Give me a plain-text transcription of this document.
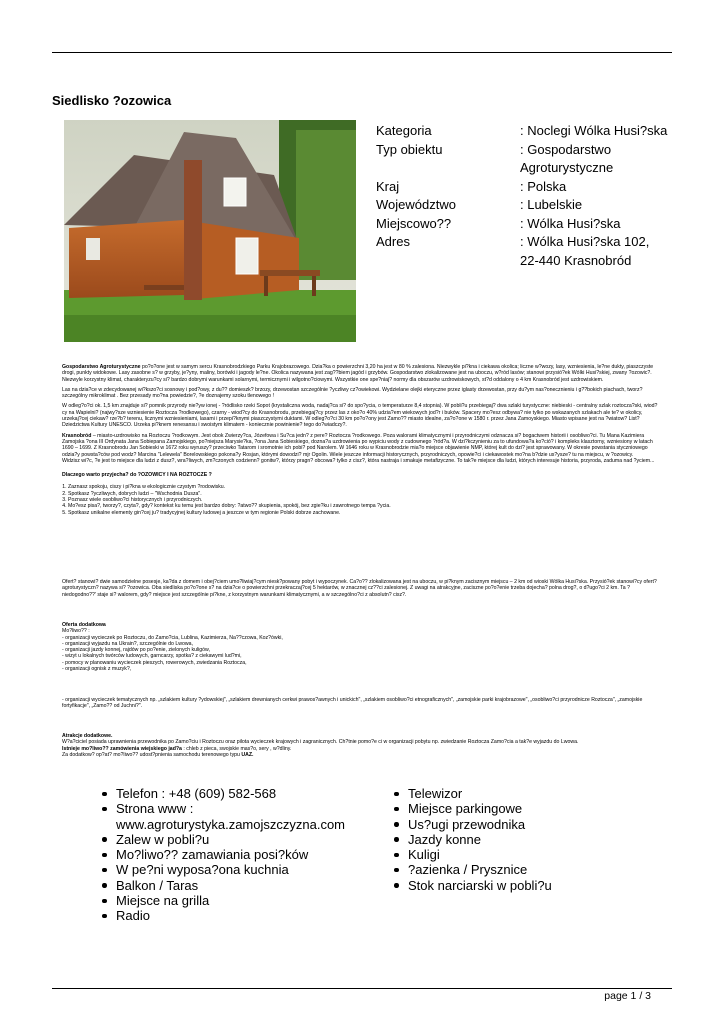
Siedlisko ?ozowica
Kategoria	: Noclegi Wólka Husi?ska
Typ obiektu	: Gospodarstwo Agroturystyczne
Kraj	: Polska
Województwo	: Lubelskie
Miejscowo??	: Wólka Husi?ska
Adres	: Wólka Husi?ska 102, 22-440 Krasnobród

Gospodarstwo Agroturystyczne po?o?one jest w samym sercu Krasnobrodzkiego Parku Krajobrazowego. Dzia?ka o powierzchni 3,20 ha jest w 80 % zalesiona. Niezwykle pi?kna i ciekawa okolica; liczne w?wozy, lasy, wzniesienia, le?ne dukty, piaszczyste drogi, punkty widokowe. Lasy zasobne s? w grzyby, je?yny, maliny, borówki i jagody le?ne. Okolica nazywana jest zag??biem jagód i grzybów. Gospodarstwo zlokalizowane jest na uboczu, w?ród lasów; stanowi przysió?ek Wólki Husi?skiej, zwany ?ozowic?. Niezwyle korzystny klimat, charakteryzu?cy si? bardzo dobrymi warunkami solarnymi, termicznymi i wilgotno?ciowymi. Wszystkie one spe?niaj? normy dla obszarów uzdrowiskowych, st?d oddalony o 4 km Krasnobród jest uzdrowiskiem.

Las na dzia?ce w zdecydowanej wi?kszo?ci sosnowy i pod?owy, z du?? domieszk? brzozy, drzewostan szczególnie ?yczliwy cz?owiekowi. Wydzielane olejki eteryczne przez iglasty drzewostan, przy du?ym nas?onecznieniu i g??bokich piachach, tworz? szczególny mikroklimat . Bez przesady mo?na powiedzie?, ?e doznajemy szoku tlenowego !

W odleg?o?ci ok. 1,5 km znajduje si? pomnik przyrody nie?yw ionej - ?ródlisko rzeki Sopot (krystaliczna woda, nadaj?ca si? do spo?ycia, o temperaturze 8,4 stopnia). W pobli?u przebiegaj? dwa szlaki turystyczne: niebieski - centralny szlak roztocza?ski, wiod?cy na Wapielni? (najwy?sze wzniesienie Roztocza ?rodkowego), czarny - wiod?cy do Krasnobrodu, przebiegaj?cy przez las z oko?o 40% udzia?em wiekowych jod?r i buków. Spacery mo?esz odbywa? nie tylko po wskazanych szlakach ale te? w okolicy, urzekaj?cej ciekaw? rze?b? terenu, licznymi wzniesieniami, lasami i przepi?knymi piaszczystymi duktami. W odleg?o?ci 30 km po?o?ony jest Zamo?? miasto idealne, za?o?one w 1580 r. przez Jana Zamoyskiego. Miasto wpisane jest na ?wiatow? List? Dziedzictwa Kultury UNESCO. Urzeka pi?knem renesansu i swoistym klimatem - koniecznie powinienie? tego do?wiadczy?.

Krasnobród – miasto-uzdrowisko na Roztoczu ?rodkowym. Jest obok Zwierzy?ca, Józefowa i Su?ca jedn? z pere? Roztocza ?rodkowego. Poza walorami klimatycznymi i przyrodniczymi odznacza si? bogactwem historii i osobliwo?ci. Tu Mana Kazimiera Zamojska ?ona III Ordynata Jana Sobiepana Zamojskiego, po?niejsza Marysie?ka, ?ona Jana Sobieskiego, dozna?a uzdrowienia po wypiciu wody z cudownego ?ród?a. W dzi?kczynieniu za to ufundowa?a ko?ció? i kompleks klasztorny, wzniesiony w latach 1690 – 1699. Z Krasnobrodu Jan Sobieski w 1672 roku wyruszy? przeciwko Tatarom i sromotnie ich pobi? pod Narolem. W 1646 roku w Krasnobrodzie mia?o miejsce objawienie NMP, której kult do dzi? jest sprawowany. W okresie powstania styczniowego odzia?y powsta?ców pod wodz? Marcina "Lelewela" Borelowskiego pokona?y Rosjan, którymi dowodzi? mjr Ogolin. Wiele jeszcze informacji historycznych, przyrodniczych, opowie?ci i ciekawostek mo?na b?dzie us?ysze? tu na miejscu, w ?ozowicy.

Widzisz wi?c, ?e jest to miejsce dla ludzi z dusz?, wra?liwych, zm?czonych codzienn? gonitw?, którzy pragn? obcowa? tylko z cisz?, która nastraja i smakuje metafizyczne. To tak?e miejsce dla ludzi, których interesuje historia, przyroda, zaduma nad ?yciem...

Dlaczego warto przyjecha? do ?OZOWICY I NA ROZTOCZE ?

1. Zaznasz spokoju, ciszy i pi?kna w ekologicznie czystym ?rodowisku.
2. Spotkasz ?yczliwych, dobrych ludzi – "Wschodnia Dusza".
3. Poznasz wiele osobliwo?ci historycznych i przyrodniczych.
4. Mo?esz pisa?, tworzy?, czyta?, gdy? kontekst ku temu jest bardzo dobry: ?atwo?? skupienia, spokój, bez zgie?ku i zawrotnego tempa ?ycia.
5. Spotkasz unikalne elementy gin?cej ju? tradycyjnej kultury ludowej a jeszcze w tym regionie Polski dobrze zachowane.

Ofert? stanowi? dwie samodzielne posesje, ka?da z domem i obej?ciem umo?liwiaj?cym niesk?powany pobyt i wypoczynek. Ca?o?? zlokalizowana jest na uboczu, w pi?knym zacisznym miejscu – 2 km od wioski Wólka Husi?ska. Przysió?ek stanowi?cy ofert? agroturystyczn? nazywa si? ?ozowica. Oba siedliska po?o?one s? na dzia?ce o powierzchni przekraczaj?cej 5 hektarów, w znacznej cz??ci zalesionej. Z uwagi na atrakcyjne, zaciszne po?o?enie trzeba dojecha? polna drog?, o d?ugo?ci 2 km. Ta ?niedogodno??' staje si? walorem, gdy? miejsce jest szczególnie pi?kne, z korzystnym warunkami klimatycznymi, a w szczególno?ci z absolutn? cisz?.

Oferta dodatkowa
Mo?liwo?? :
- organizacji wycieczek po Roztoczu, do Zamo?cia, Lublina, Kazimierza, Na??czowa, Koz?ówki,
- organizacji wyjazdu na Ukrain?, szczególnie do Lwowa,
- organizacji jazdy konnej, rajdów po po?enie, zielonych kuligów,
- wizyt u lokalnych twórców ludowych, garncarzy, spotka? z ciekawymi lud?mi,
- pomocy w planowaniu wycieczek pieszych, rowerowych, zwiedzania Roztocza,
- organizacji ognisk z muzyk?,

- organizacji wycieczek tematycznych np. „szlakiem kultury ?ydowskiej", „szlakiem drewnianych cerkwi prawos?awnych i unickich", „szlakiem osobliwo?ci etnograficznych", „zamojskie parki krajobrazowe", „osobliwo?ci przyrodnicze Roztocza", „zamojskie fortyfikacje", „Zamo?? od Juchni?".

Atrakcje dodatkowe.
W?a?ciciel posiada uprawnienia przewodnika po Zamo?ciu i Roztoczu oraz pilota wycieczek krajowych i zagranicznych. Ch?tnie pomo?e ci w organizacji pobytu np. zwiedzanie Roztocza Zamo?cia a tak?e wyjazdu do Lwowa.
Istnieje mo?liwo?? zamówienia wiejskiego jad?a : chleb z pieca, swojskie mas?o, sery , w?dliny.
Za dodatkow? op?at? mo?liwo?? udost?pnienia samochodu terenowego typu UAZ.
Telefon : +48 (609) 582-568
Strona www : www.agroturystyka.zamojszczyzna.com
Zalew w pobli?u
Mo?liwo?? zamawiania posi?ków
W pe?ni wyposa?ona kuchnia
Balkon / Taras
Miejsce na grilla
Radio
Telewizor
Miejsce parkingowe
Us?ugi przewodnika
Jazdy konne
Kuligi
?azienka / Prysznice
Stok narciarski w pobli?u
page 1 / 3
